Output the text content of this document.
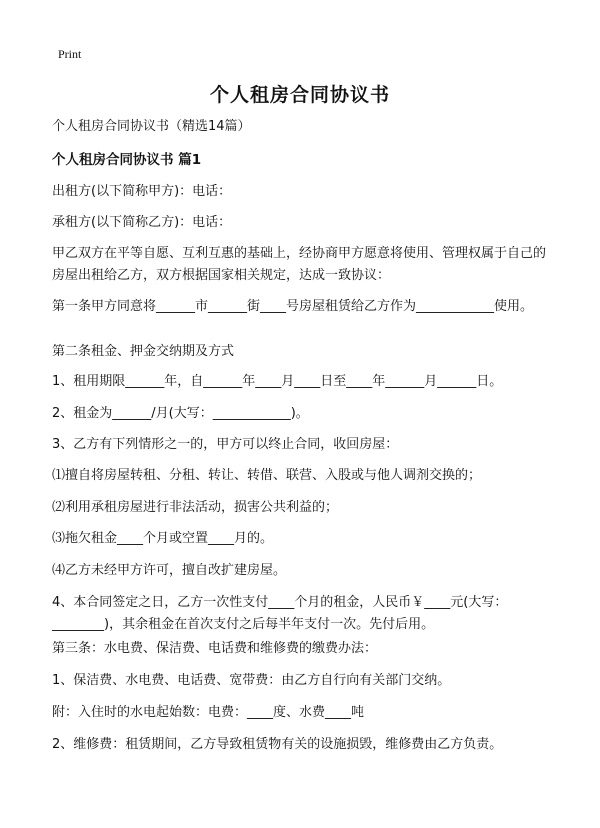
Print
个人租房合同协议书

个人租房合同协议书（精选14篇）

个人租房合同协议书 篇1

出租方(以下简称甲方)：电话：

承租方(以下简称乙方)：电话：

甲乙双方在平等自愿、互利互惠的基础上，经协商甲方愿意将使用、管理权属于自己的房屋出租给乙方，双方根据国家相关规定，达成一致协议：

第一条甲方同意将______市______街____号房屋租赁给乙方作为____________使用。

第二条租金、押金交纳期及方式

1、租用期限______年，自______年____月____日至____年______月______日。

2、租金为______/月(大写：____________)。

3、乙方有下列情形之一的，甲方可以终止合同，收回房屋：

⑴擅自将房屋转租、分租、转让、转借、联营、入股或与他人调剂交换的；

⑵利用承租房屋进行非法活动，损害公共利益的；

⑶拖欠租金____个月或空置____月的。

⑷乙方未经甲方许可，擅自改扩建房屋。

4、本合同签定之日，乙方一次性支付____个月的租金，人民币￥____元(大写：________)，其余租金在首次支付之后每半年支付一次。先付后用。

第三条：水电费、保洁费、电话费和维修费的缴费办法：

1、保洁费、水电费、电话费、宽带费：由乙方自行向有关部门交纳。

附：入住时的水电起始数：电费：____度、水费____吨

2、维修费：租赁期间，乙方导致租赁物有关的设施损毁，维修费由乙方负责。
